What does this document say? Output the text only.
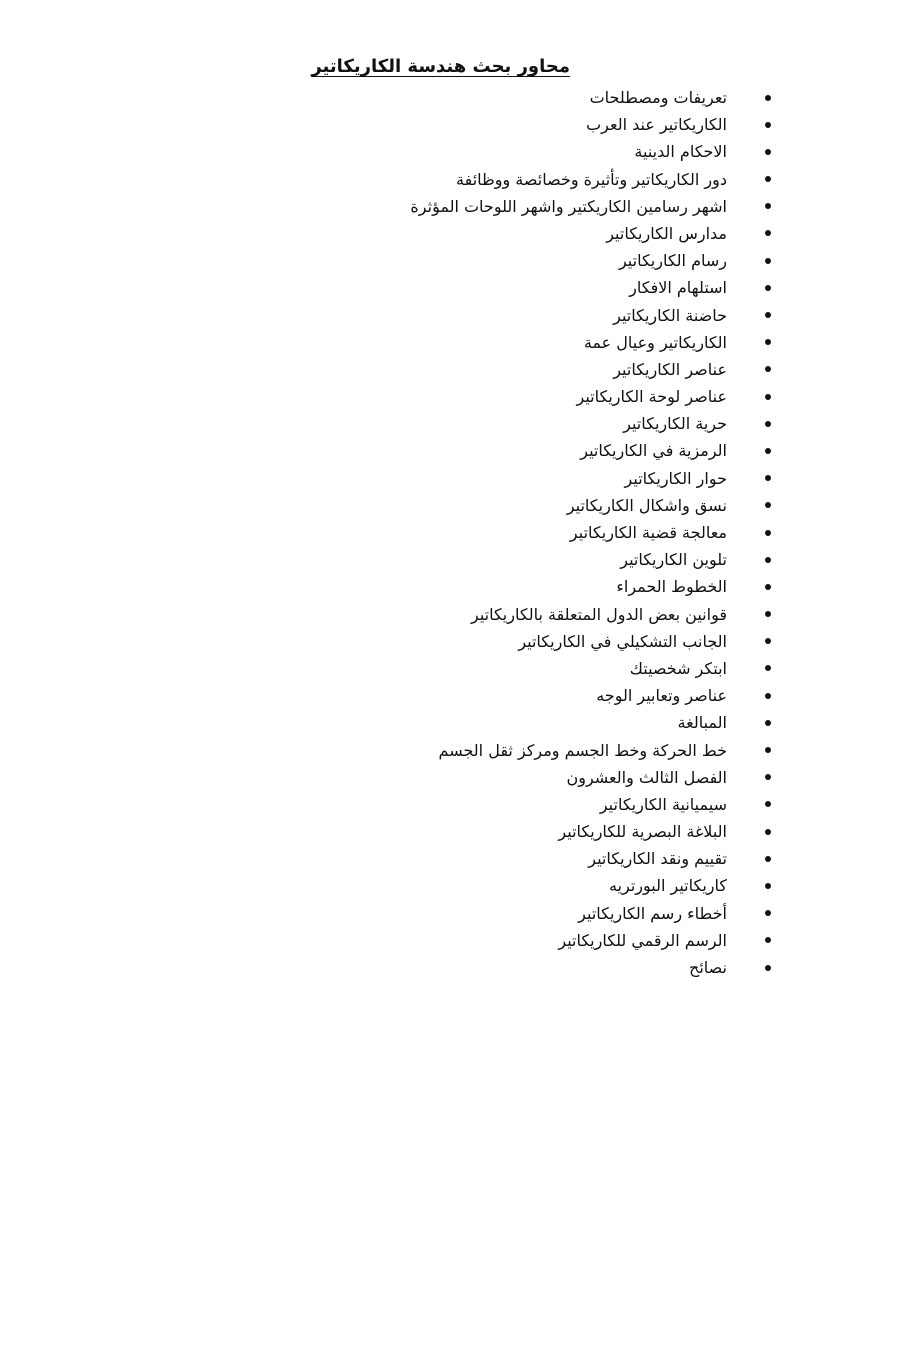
محاور بحث هندسة الكاريكاتير
تعريفات ومصطلحات
الكاريكاتير عند العرب
الاحكام الدينية
دور الكاريكاتير وتأثيرة وخصائصة ووظائفة
اشهر رسامين الكاريكتير واشهر اللوحات المؤثرة
مدارس الكاريكاتير
رسام الكاريكاتير
استلهام الافكار
حاضنة الكاريكاتير
الكاريكاتير وعيال عمة
عناصر الكاريكاتير
عناصر لوحة الكاريكاتير
حرية الكاريكاتير
الرمزية في الكاريكاتير
حوار الكاريكاتير
نسق واشكال الكاريكاتير
معالجة قضية الكاريكاتير
تلوين الكاريكاتير
الخطوط الحمراء
قوانين بعض الدول المتعلقة بالكاريكاتير
الجانب التشكيلي في الكاريكاتير
ابتكر شخصيتك
عناصر وتعابير الوجه
المبالغة
خط الحركة وخط الجسم ومركز ثقل الجسم
الفصل الثالث والعشرون
سيميانية الكاريكاتير
البلاغة البصرية للكاريكاتير
تقييم ونقد الكاريكاتير
كاريكاتير البورتريه
أخطاء رسم الكاريكاتير
الرسم الرقمي للكاريكاتير
نصائح
